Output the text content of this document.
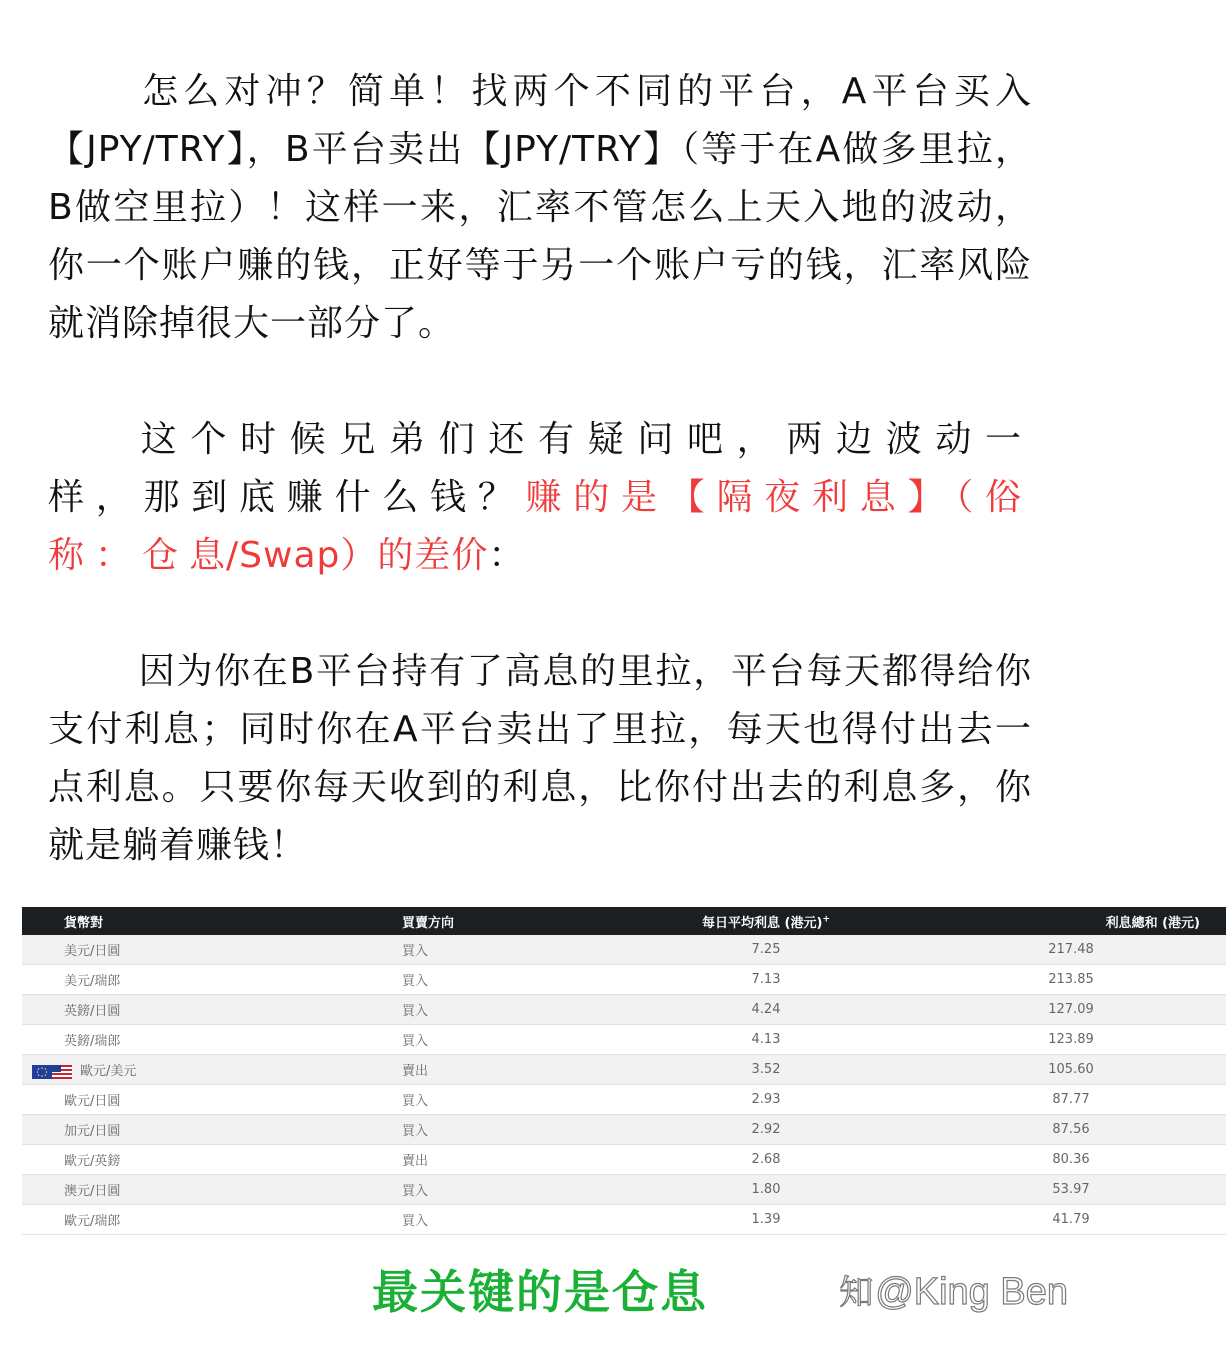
怎么对冲？简单！找两个不同的平台，A平台买入【JPY/TRY】，B平台卖出【JPY/TRY】（等于在A做多里拉，B做空里拉）！这样一来，汇率不管怎么上天入地的波动，你一个账户赚的钱，正好等于另一个账户亏的钱，汇率风险就消除掉很大一部分了。

这个时候兄弟们还有疑问吧，两边波动一样，那到底赚什么钱？赚的是【隔夜利息】（俗称：仓息/Swap）的差价：

因为你在B平台持有了高息的里拉，平台每天都得给你支付利息；同时你在A平台卖出了里拉，每天也得付出去一点利息。只要你每天收到的利息，比你付出去的利息多，你就是躺着赚钱！

貨幣對	買賣方向	每日平均利息 (港元)+	利息總和 (港元)
美元/日圓	買入	7.25	217.48
美元/瑞郎	買入	7.13	213.85
英鎊/日圓	買入	4.24	127.09
英鎊/瑞郎	買入	4.13	123.89
歐元/美元	賣出	3.52	105.60
歐元/日圓	買入	2.93	87.77
加元/日圓	買入	2.92	87.56
歐元/英鎊	賣出	2.68	80.36
澳元/日圓	買入	1.80	53.97
歐元/瑞郎	買入	1.39	41.79
最关键的是仓息	知@King Ben
